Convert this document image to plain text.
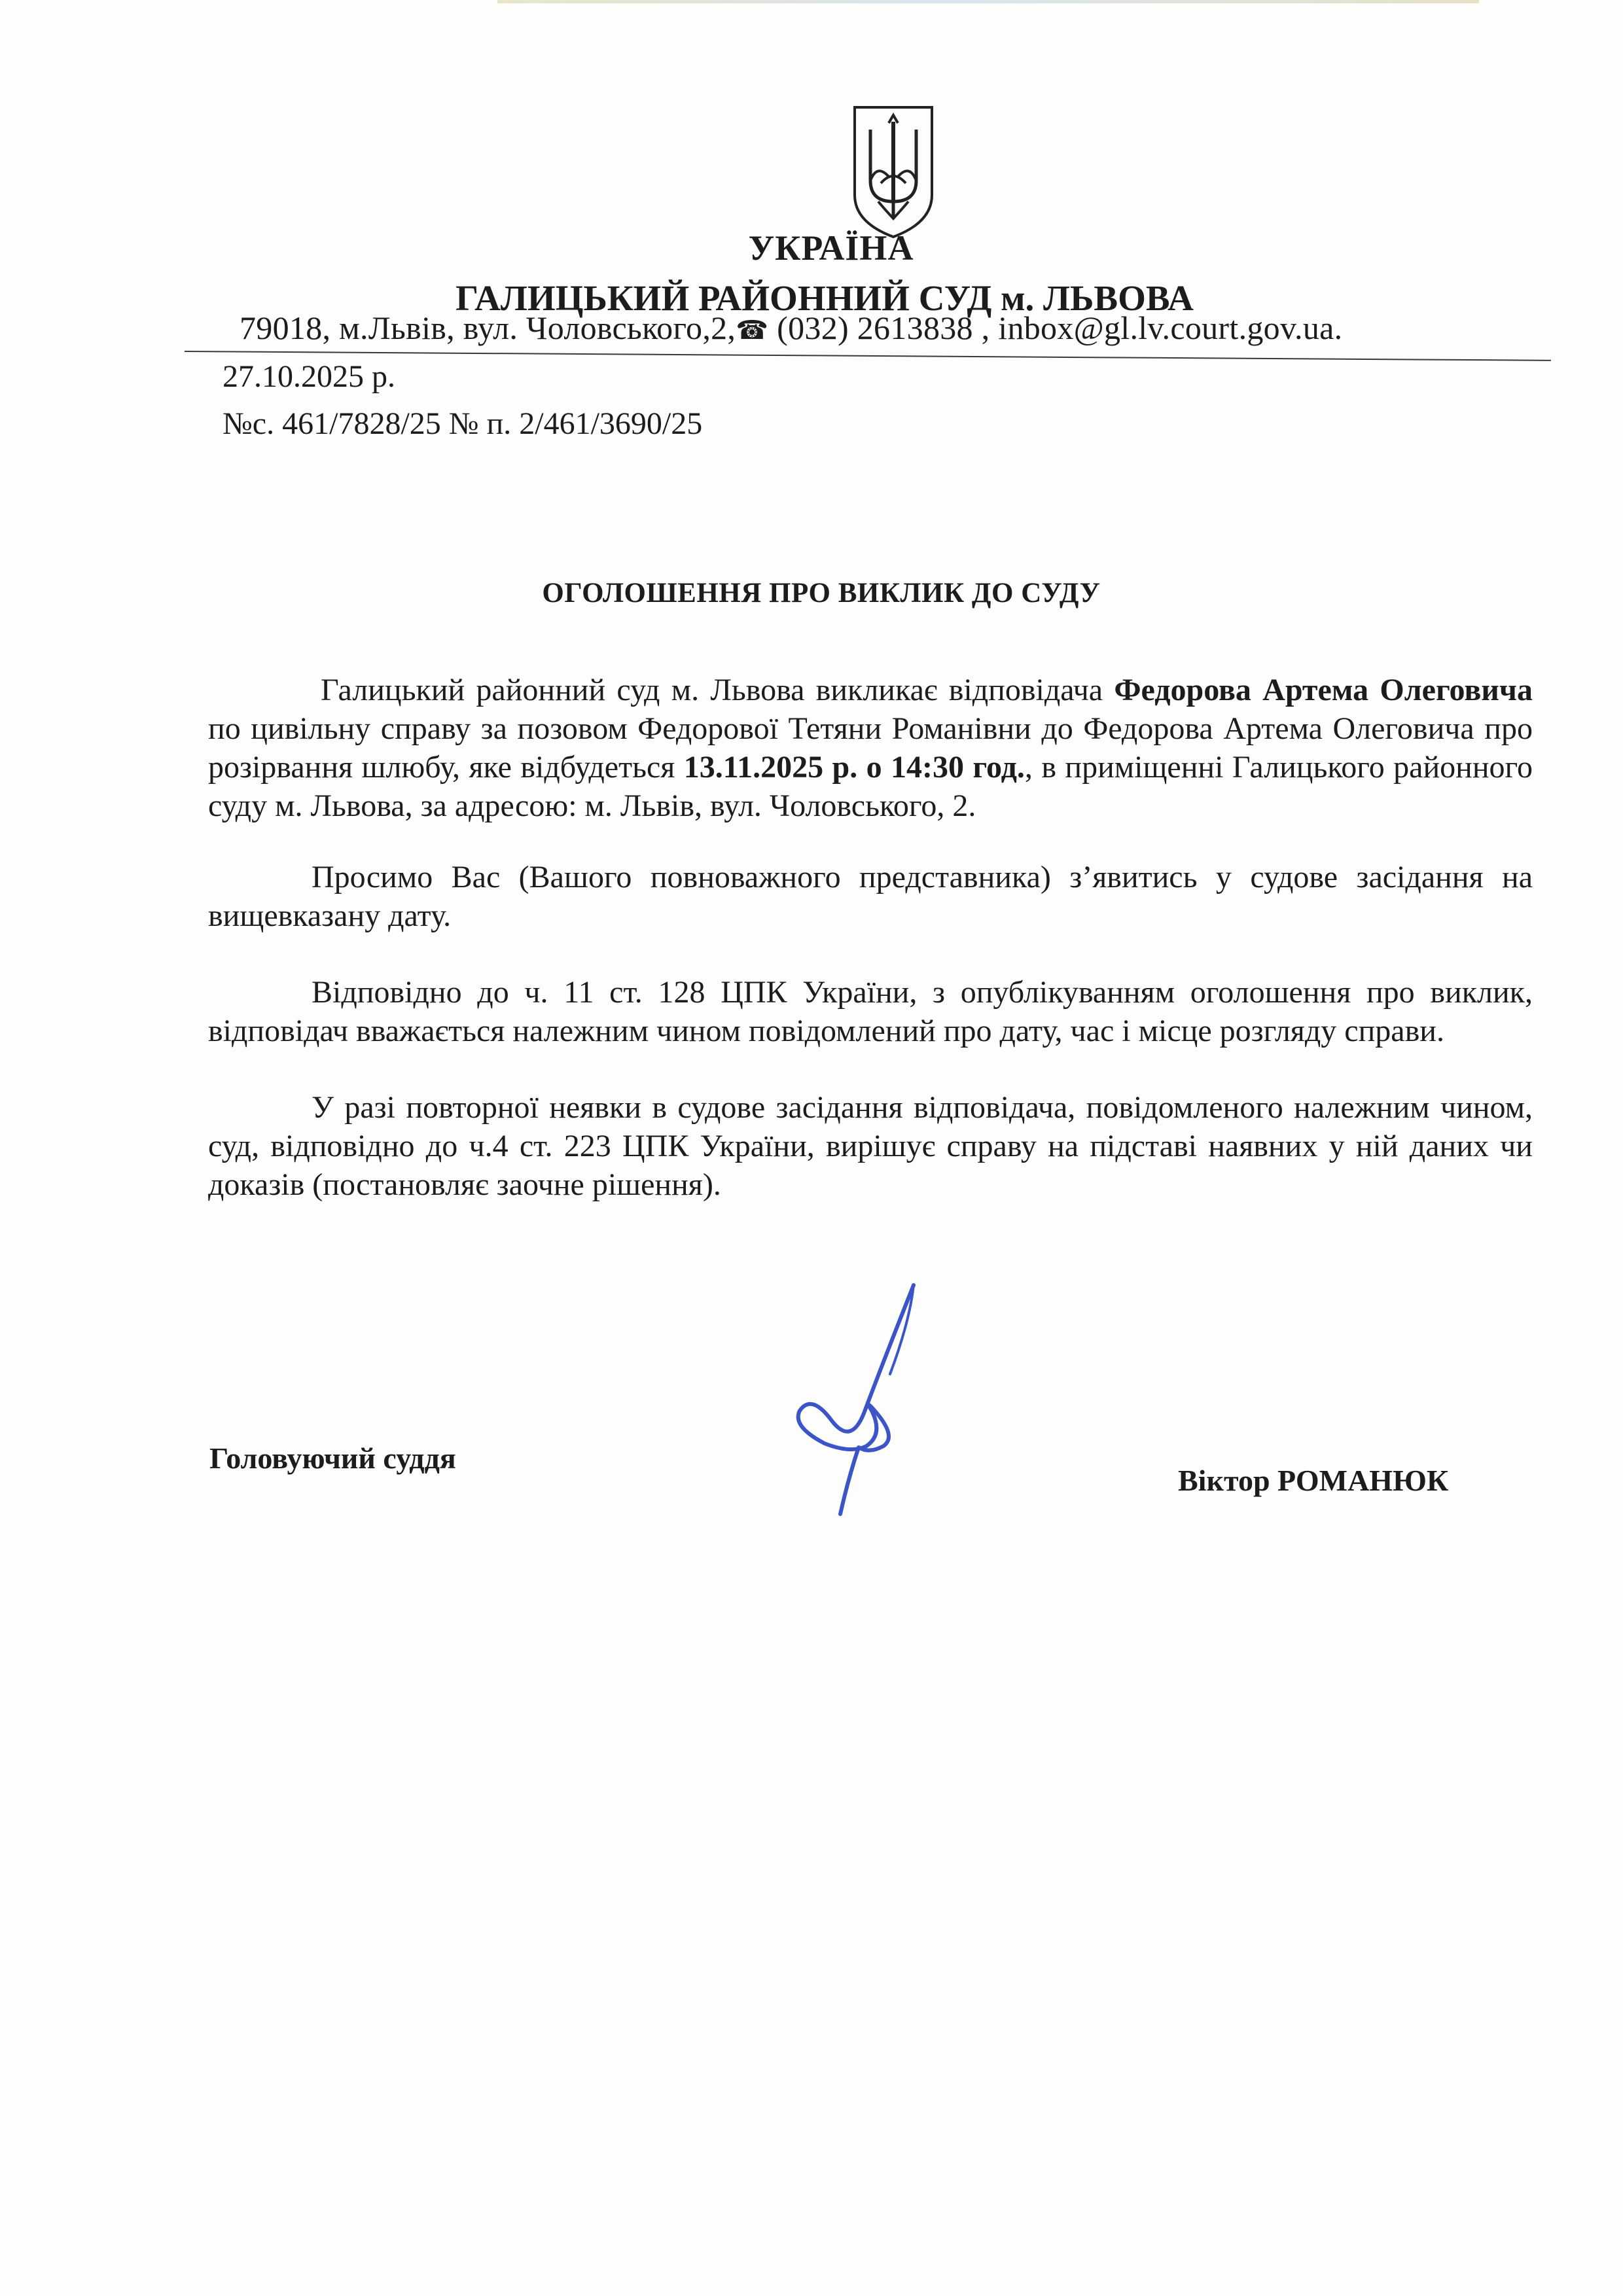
УКРАЇНА
ГАЛИЦЬКИЙ РАЙОННИЙ СУД м. ЛЬВОВА
79018, м.Львів, вул. Чоловського,2,☎ (032) 2613838 , inbox@gl.lv.court.gov.ua.
27.10.2025 р.
№с. 461/7828/25 № п. 2/461/3690/25
ОГОЛОШЕННЯ ПРО ВИКЛИК ДО СУДУ

Галицький районний суд м. Львова викликає відповідача Федорова Артема Олеговича по цивільну справу за позовом Федорової Тетяни Романівни до Федорова Артема Олеговича про розірвання шлюбу, яке відбудеться 13.11.2025 р. о 14:30 год., в приміщенні Галицького районного суду м. Львова, за адресою: м. Львів, вул. Чоловського, 2.

Просимо Вас (Вашого повноважного представника) з’явитись у судове засідання на вищевказану дату.

Відповідно до ч. 11 ст. 128 ЦПК України, з опублікуванням оголошення про виклик, відповідач вважається належним чином повідомлений про дату, час і місце розгляду справи.

У разі повторної неявки в судове засідання відповідача, повідомленого належним чином, суд, відповідно до ч.4 ст. 223 ЦПК України, вирішує справу на підставі наявних у ній даних чи доказів (постановляє заочне рішення).

Головуючий суддя
Віктор РОМАНЮК
